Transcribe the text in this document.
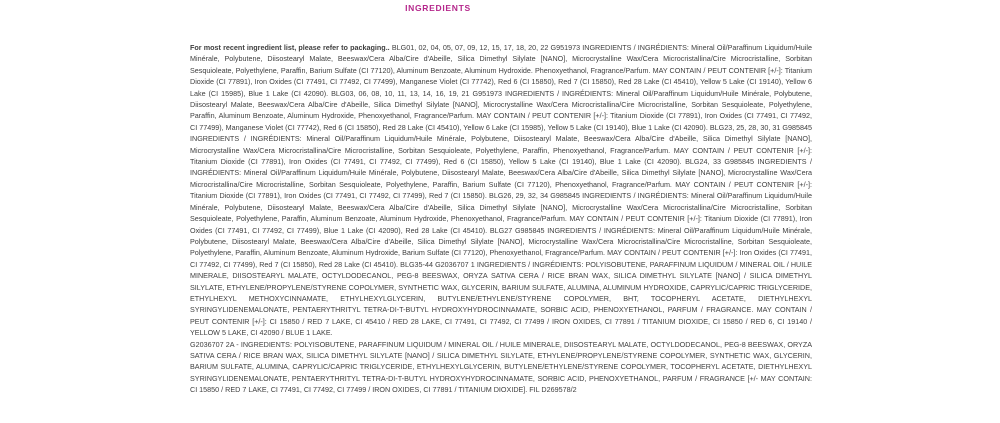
INGREDIENTS

For most recent ingredient list, please refer to packaging.. BLG01, 02, 04, 05, 07, 09, 12, 15, 17, 18, 20, 22 G951973 INGREDIENTS / INGRÉDIENTS: Mineral Oil/Paraffinum Liquidum/Huile Minérale, Polybutene, Diisostearyl Malate, Beeswax/Cera Alba/Cire d'Abeille, Silica Dimethyl Silylate [NANO], Microcrystalline Wax/Cera Microcristallina/Cire Microcristalline, Sorbitan Sesquioleate, Polyethylene, Paraffin, Barium Sulfate (CI 77120), Aluminum Benzoate, Aluminum Hydroxide. Phenoxyethanol, Fragrance/Parfum. MAY CONTAIN / PEUT CONTENIR [+/-]: Titanium Dioxide (CI 77891), Iron Oxides (CI 77491, CI 77492, CI 77499), Manganese Violet (CI 77742), Red 6 (CI 15850), Red 7 (CI 15850), Red 28 Lake (CI 45410), Yellow 5 Lake (CI 19140), Yellow 6 Lake (CI 15985), Blue 1 Lake (CI 42090). BLG03, 06, 08, 10, 11, 13, 14, 16, 19, 21 G951973 INGREDIENTS / INGRÉDIENTS: Mineral Oil/Paraffinum Liquidum/Huile Minérale, Polybutene, Diisostearyl Malate, Beeswax/Cera Alba/Cire d'Abeille, Silica Dimethyl Silylate [NANO], Microcrystalline Wax/Cera Microcristallina/Cire Microcristalline, Sorbitan Sesquioleate, Polyethylene, Paraffin, Aluminum Benzoate, Aluminum Hydroxide, Phenoxyethanol, Fragrance/Parfum. MAY CONTAIN / PEUT CONTENIR [+/-]: Titanium Dioxide (CI 77891), Iron Oxides (CI 77491, CI 77492, CI 77499), Manganese Violet (CI 77742), Red 6 (CI 15850), Red 28 Lake (CI 45410), Yellow 6 Lake (CI 15985), Yellow 5 Lake (CI 19140), Blue 1 Lake (CI 42090). BLG23, 25, 28, 30, 31 G985845 INGREDIENTS / INGRÉDIENTS: Mineral Oil/Paraffinum Liquidum/Huile Minérale, Polybutene, Diisostearyl Malate, Beeswax/Cera Alba/Cire d'Abeille, Silica Dimethyl Silylate [NANO], Microcrystalline Wax/Cera Microcristallina/Cire Microcristalline, Sorbitan Sesquioleate, Polyethylene, Paraffin, Phenoxyethanol, Fragrance/Parfum. MAY CONTAIN / PEUT CONTENIR [+/-]: Titanium Dioxide (CI 77891), Iron Oxides (CI 77491, CI 77492, CI 77499), Red 6 (CI 15850), Yellow 5 Lake (CI 19140), Blue 1 Lake (CI 42090). BLG24, 33 G985845 INGREDIENTS / INGRÉDIENTS: Mineral Oil/Paraffinum Liquidum/Huile Minérale, Polybutene, Diisostearyl Malate, Beeswax/Cera Alba/Cire d'Abeille, Silica Dimethyl Silylate [NANO], Microcrystalline Wax/Cera Microcristallina/Cire Microcristalline, Sorbitan Sesquioleate, Polyethylene, Paraffin, Barium Sulfate (CI 77120), Phenoxyethanol, Fragrance/Parfum. MAY CONTAIN / PEUT CONTENIR [+/-]: Titanium Dioxide (CI 77891), Iron Oxides (CI 77491, CI 77492, CI 77499), Red 7 (CI 15850). BLG26, 29, 32, 34 G985845 INGREDIENTS / INGRÉDIENTS: Mineral Oil/Paraffinum Liquidum/Huile Minérale, Polybutene, Diisostearyl Malate, Beeswax/Cera Alba/Cire d'Abeille, Silica Dimethyl Silylate [NANO], Microcrystalline Wax/Cera Microcristallina/Cire Microcristalline, Sorbitan Sesquioleate, Polyethylene, Paraffin, Aluminum Benzoate, Aluminum Hydroxide, Phenoxyethanol, Fragrance/Parfum. MAY CONTAIN / PEUT CONTENIR [+/-]: Titanium Dioxide (CI 77891), Iron Oxides (CI 77491, CI 77492, CI 77499), Blue 1 Lake (CI 42090), Red 28 Lake (CI 45410). BLG27 G985845 INGREDIENTS / INGRÉDIENTS: Mineral Oil/Paraffinum Liquidum/Huile Minérale, Polybutene, Diisostearyl Malate, Beeswax/Cera Alba/Cire d'Abeille, Silica Dimethyl Silylate [NANO], Microcrystalline Wax/Cera Microcristallina/Cire Microcristalline, Sorbitan Sesquioleate, Polyethylene, Paraffin, Aluminum Benzoate, Aluminum Hydroxide, Barium Sulfate (CI 77120), Phenoxyethanol, Fragrance/Parfum. MAY CONTAIN / PEUT CONTENIR [+/-]: Iron Oxides (CI 77491, CI 77492, CI 77499), Red 7 (CI 15850), Red 28 Lake (CI 45410). BLG35-44 G2036707 1 INGREDIENTS / INGRÉDIENTS: POLYISOBUTENE, PARAFFINUM LIQUIDUM / MINERAL OIL / HUILE MINERALE, DIISOSTEARYL MALATE, OCTYLDODECANOL, PEG-8 BEESWAX, ORYZA SATIVA CERA / RICE BRAN WAX, SILICA DIMETHYL SILYLATE [NANO] / SILICA DIMETHYL SILYLATE, ETHYLENE/PROPYLENE/STYRENE COPOLYMER, SYNTHETIC WAX, GLYCERIN, BARIUM SULFATE, ALUMINA, ALUMINUM HYDROXIDE, CAPRYLIC/CAPRIC TRIGLYCERIDE, ETHYLHEXYL METHOXYCINNAMATE, ETHYLHEXYLGLYCERIN, BUTYLENE/ETHYLENE/STYRENE COPOLYMER, BHT, TOCOPHERYL ACETATE, DIETHYLHEXYL SYRINGYLIDENEMALONATE, PENTAERYTHRITYL TETRA-DI-T-BUTYL HYDROXYHYDROCINNAMATE, SORBIC ACID, PHENOXYETHANOL, PARFUM / FRAGRANCE. MAY CONTAIN / PEUT CONTENIR [+/-]: CI 15850 / RED 7 LAKE, CI 45410 / RED 28 LAKE, CI 77491, CI 77492, CI 77499 / IRON OXIDES, CI 77891 / TITANIUM DIOXIDE, CI 15850 / RED 6, CI 19140 / YELLOW 5 LAKE, CI 42090 / BLUE 1 LAKE.

G2036707 2A - INGREDIENTS: POLYISOBUTENE, PARAFFINUM LIQUIDUM / MINERAL OIL / HUILE MINERALE, DIISOSTEARYL MALATE, OCTYLDODECANOL, PEG-8 BEESWAX, ORYZA SATIVA CERA / RICE BRAN WAX, SILICA DIMETHYL SILYLATE [NANO] / SILICA DIMETHYL SILYLATE, ETHYLENE/PROPYLENE/STYRENE COPOLYMER, SYNTHETIC WAX, GLYCERIN, BARIUM SULFATE, ALUMINA, CAPRYLIC/CAPRIC TRIGLYCERIDE, ETHYLHEXYLGLYCERIN, BUTYLENE/ETHYLENE/STYRENE COPOLYMER, TOCOPHERYL ACETATE, DIETHYLHEXYL SYRINGYLIDENEMALONATE, PENTAERYTHRITYL TETRA-DI-T-BUTYL HYDROXYHYDROCINNAMATE, SORBIC ACID, PHENOXYETHANOL, PARFUM / FRAGRANCE [+/- MAY CONTAIN: CI 15850 / RED 7 LAKE, CI 77491, CI 77492, CI 77499 / IRON OXIDES, CI 77891 / TITANIUM DIOXIDE]. FIL D269578/2
